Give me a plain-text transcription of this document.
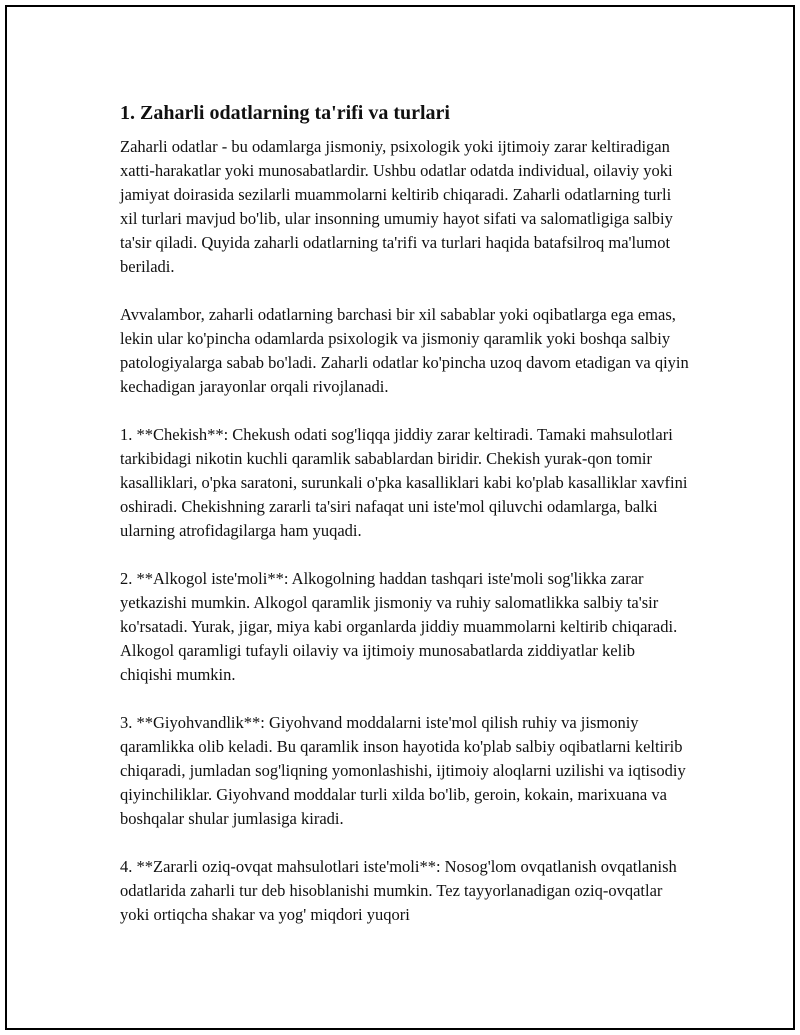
1. Zaharli odatlarning ta'rifi va turlari

Zaharli odatlar - bu odamlarga jismoniy, psixologik yoki ijtimoiy zarar keltiradigan xatti-harakatlar yoki munosabatlardir. Ushbu odatlar odatda individual, oilaviy yoki jamiyat doirasida sezilarli muammolarni keltirib chiqaradi. Zaharli odatlarning turli xil turlari mavjud bo'lib, ular insonning umumiy hayot sifati va salomatligiga salbiy ta'sir qiladi. Quyida zaharli odatlarning ta'rifi va turlari haqida batafsilroq ma'lumot beriladi.

Avvalambor, zaharli odatlarning barchasi bir xil sabablar yoki oqibatlarga ega emas, lekin ular ko'pincha odamlarda psixologik va jismoniy qaramlik yoki boshqa salbiy patologiyalarga sabab bo'ladi. Zaharli odatlar ko'pincha uzoq davom etadigan va qiyin kechadigan jarayonlar orqali rivojlanadi.

1. **Chekish**: Chekush odati sog'liqqa jiddiy zarar keltiradi. Tamaki mahsulotlari tarkibidagi nikotin kuchli qaramlik sabablardan biridir. Chekish yurak-qon tomir kasalliklari, o'pka saratoni, surunkali o'pka kasalliklari kabi ko'plab kasalliklar xavfini oshiradi. Chekishning zararli ta'siri nafaqat uni iste'mol qiluvchi odamlarga, balki ularning atrofidagilarga ham yuqadi.

2. **Alkogol iste'moli**: Alkogolning haddan tashqari iste'moli sog'likka zarar yetkazishi mumkin. Alkogol qaramlik jismoniy va ruhiy salomatlikka salbiy ta'sir ko'rsatadi. Yurak, jigar, miya kabi organlarda jiddiy muammolarni keltirib chiqaradi. Alkogol qaramligi tufayli oilaviy va ijtimoiy munosabatlarda ziddiyatlar kelib chiqishi mumkin.

3. **Giyohvandlik**: Giyohvand moddalarni iste'mol qilish ruhiy va jismoniy qaramlikka olib keladi. Bu qaramlik inson hayotida ko'plab salbiy oqibatlarni keltirib chiqaradi, jumladan sog'liqning yomonlashishi, ijtimoiy aloqlarni uzilishi va iqtisodiy qiyinchiliklar. Giyohvand moddalar turli xilda bo'lib, geroin, kokain, marixuana va boshqalar shular jumlasiga kiradi.

4. **Zararli oziq-ovqat mahsulotlari iste'moli**: Nosog'lom ovqatlanish ovqatlanish odatlarida zaharli tur deb hisoblanishi mumkin. Tez tayyorlanadigan oziq-ovqatlar yoki ortiqcha shakar va yog' miqdori yuqori
